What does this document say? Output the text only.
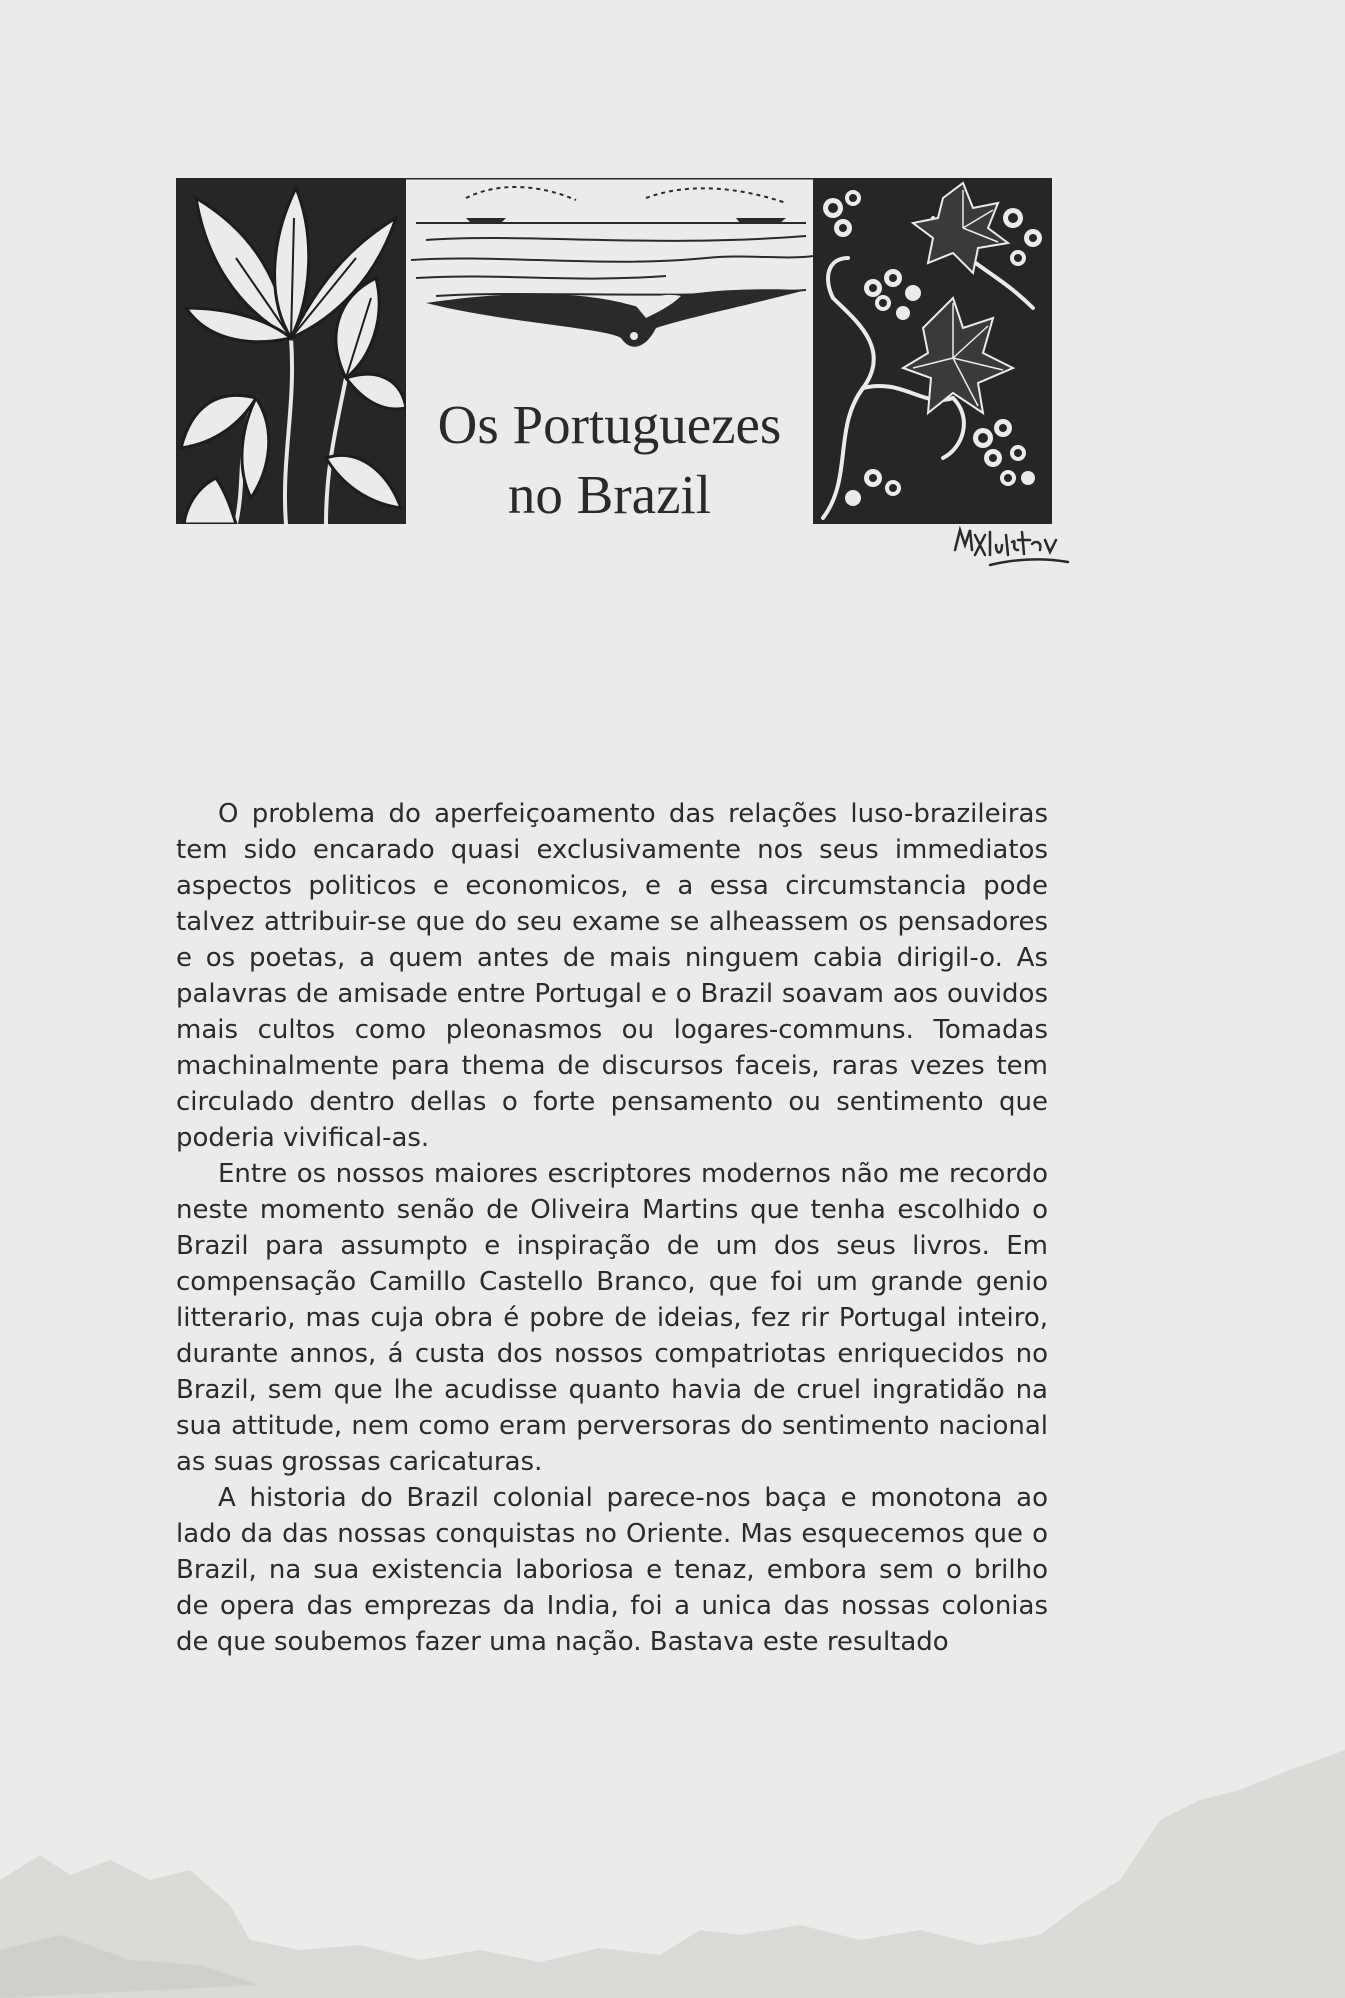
Os Portuguezes
no Brazil

O problema do aperfeiçoamento das relações luso-brazileiras tem sido encarado quasi exclusivamente nos seus immediatos aspectos politicos e economicos, e a essa circumstancia pode talvez attribuir-se que do seu exame se alheassem os pensadores e os poetas, a quem antes de mais ninguem cabia dirigil-o. As palavras de amisade entre Portugal e o Brazil soavam aos ouvidos mais cultos como pleonasmos ou logares-communs. Tomadas machinalmente para thema de discursos faceis, raras vezes tem circulado dentro dellas o forte pensamento ou sentimento que poderia vivifical-as.

Entre os nossos maiores escriptores modernos não me recordo neste momento senão de Oliveira Martins que tenha escolhido o Brazil para assumpto e inspiração de um dos seus livros. Em compensação Camillo Castello Branco, que foi um grande genio litterario, mas cuja obra é pobre de ideias, fez rir Portugal inteiro, durante annos, á custa dos nossos compatriotas enriquecidos no Brazil, sem que lhe acudisse quanto havia de cruel ingratidão na sua attitude, nem como eram perversoras do sentimento nacional as suas grossas caricaturas.

A historia do Brazil colonial parece-nos baça e monotona ao lado da das nossas conquistas no Oriente. Mas esquecemos que o Brazil, na sua existencia laboriosa e tenaz, embora sem o brilho de opera das emprezas da India, foi a unica das nossas colonias de que soubemos fazer uma nação. Bastava este resultado
